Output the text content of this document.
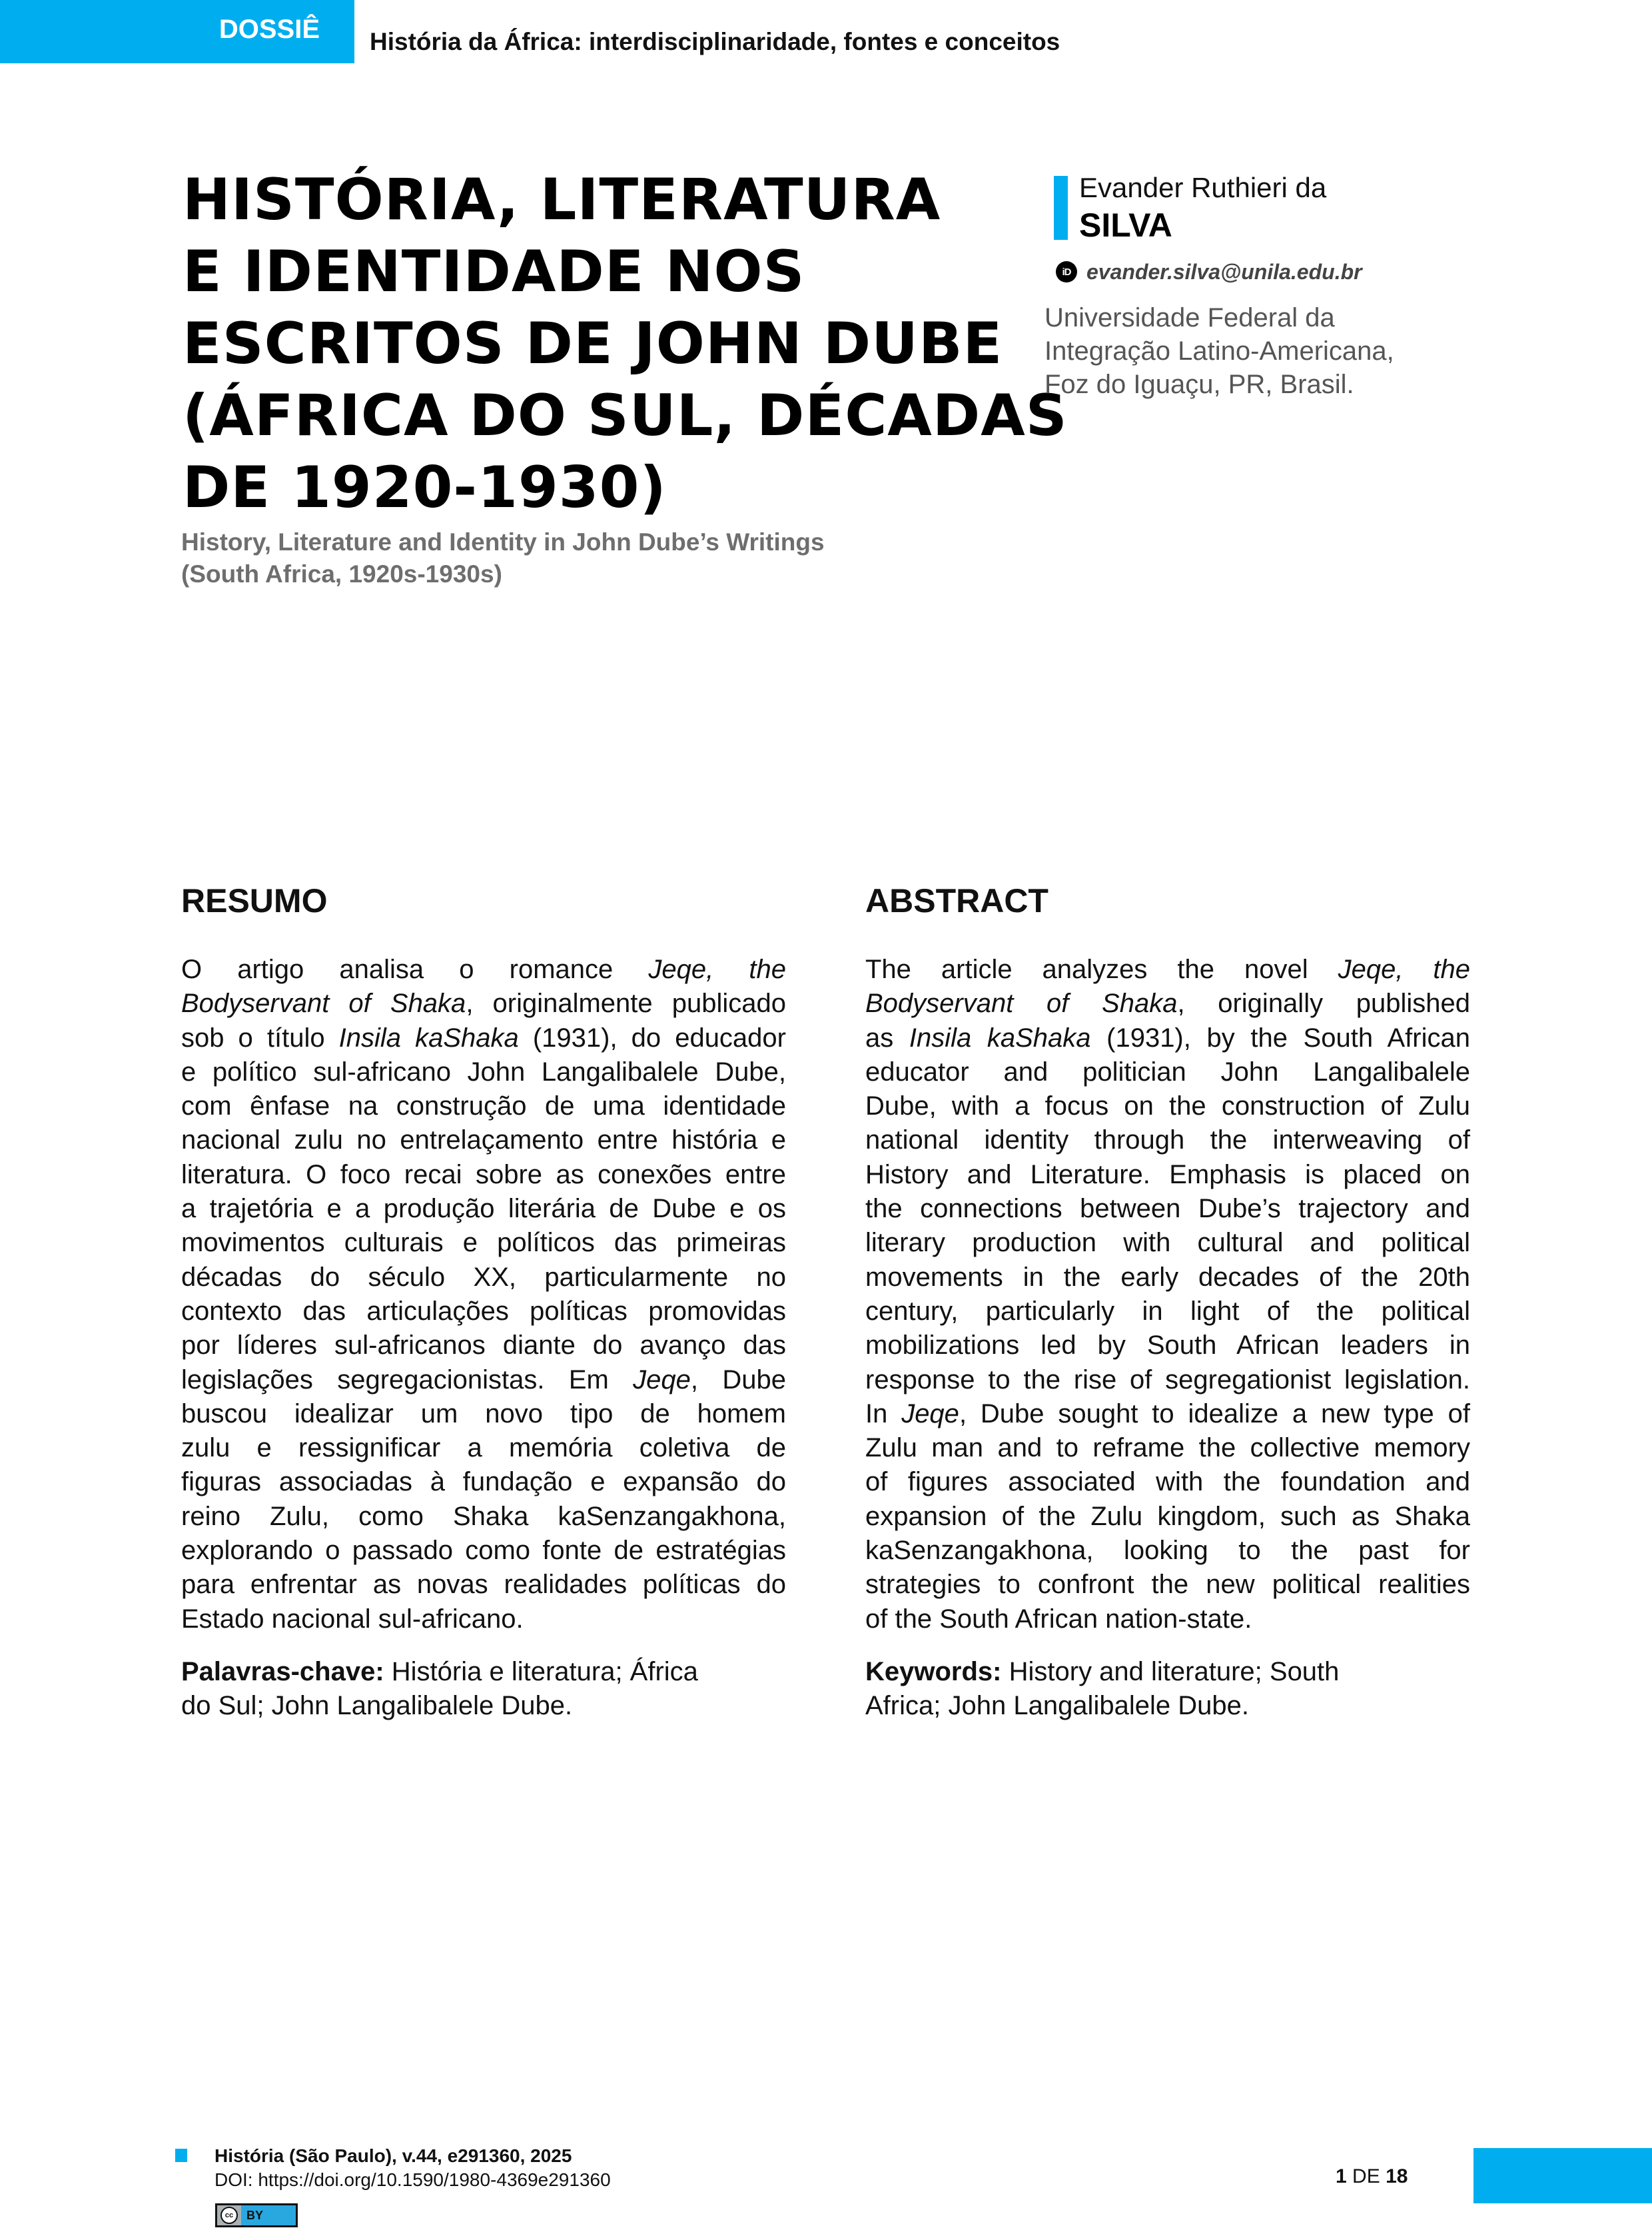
DOSSIÊ História da África: interdisciplinaridade, fontes e conceitos
HISTÓRIA, LITERATURA
E IDENTIDADE NOS
ESCRITOS DE JOHN DUBE
(ÁFRICA DO SUL, DÉCADAS
DE 1920-1930)
History, Literature and Identity in John Dube’s Writings
(South Africa, 1920s-1930s)
Evander Ruthieri da
SILVA
iD evander.silva@unila.edu.br
Universidade Federal da
Integração Latino-Americana,
Foz do Iguaçu, PR, Brasil.
RESUMO
O artigo analisa o romance Jeqe, the
Bodyservant of Shaka, originalmente publicado
sob o título Insila kaShaka (1931), do educador
e político sul-africano John Langalibalele Dube,
com ênfase na construção de uma identidade
nacional zulu no entrelaçamento entre história e
literatura. O foco recai sobre as conexões entre
a trajetória e a produção literária de Dube e os
movimentos culturais e políticos das primeiras
décadas do século XX, particularmente no
contexto das articulações políticas promovidas
por líderes sul-africanos diante do avanço das
legislações segregacionistas. Em Jeqe, Dube
buscou idealizar um novo tipo de homem
zulu e ressignificar a memória coletiva de
figuras associadas à fundação e expansão do
reino Zulu, como Shaka kaSenzangakhona,
explorando o passado como fonte de estratégias
para enfrentar as novas realidades políticas do
Estado nacional sul-africano.
Palavras-chave: História e literatura; África
do Sul; John Langalibalele Dube.
ABSTRACT
The article analyzes the novel Jeqe, the
Bodyservant of Shaka, originally published
as Insila kaShaka (1931), by the South African
educator and politician John Langalibalele
Dube, with a focus on the construction of Zulu
national identity through the interweaving of
History and Literature. Emphasis is placed on
the connections between Dube’s trajectory and
literary production with cultural and political
movements in the early decades of the 20th
century, particularly in light of the political
mobilizations led by South African leaders in
response to the rise of segregationist legislation.
In Jeqe, Dube sought to idealize a new type of
Zulu man and to reframe the collective memory
of figures associated with the foundation and
expansion of the Zulu kingdom, such as Shaka
kaSenzangakhona, looking to the past for
strategies to confront the new political realities
of the South African nation-state.
Keywords: History and literature; South
Africa; John Langalibalele Dube.
História (São Paulo), v.44, e291360, 2025
DOI: https://doi.org/10.1590/1980-4369e291360
cc	BY
1 DE 18
